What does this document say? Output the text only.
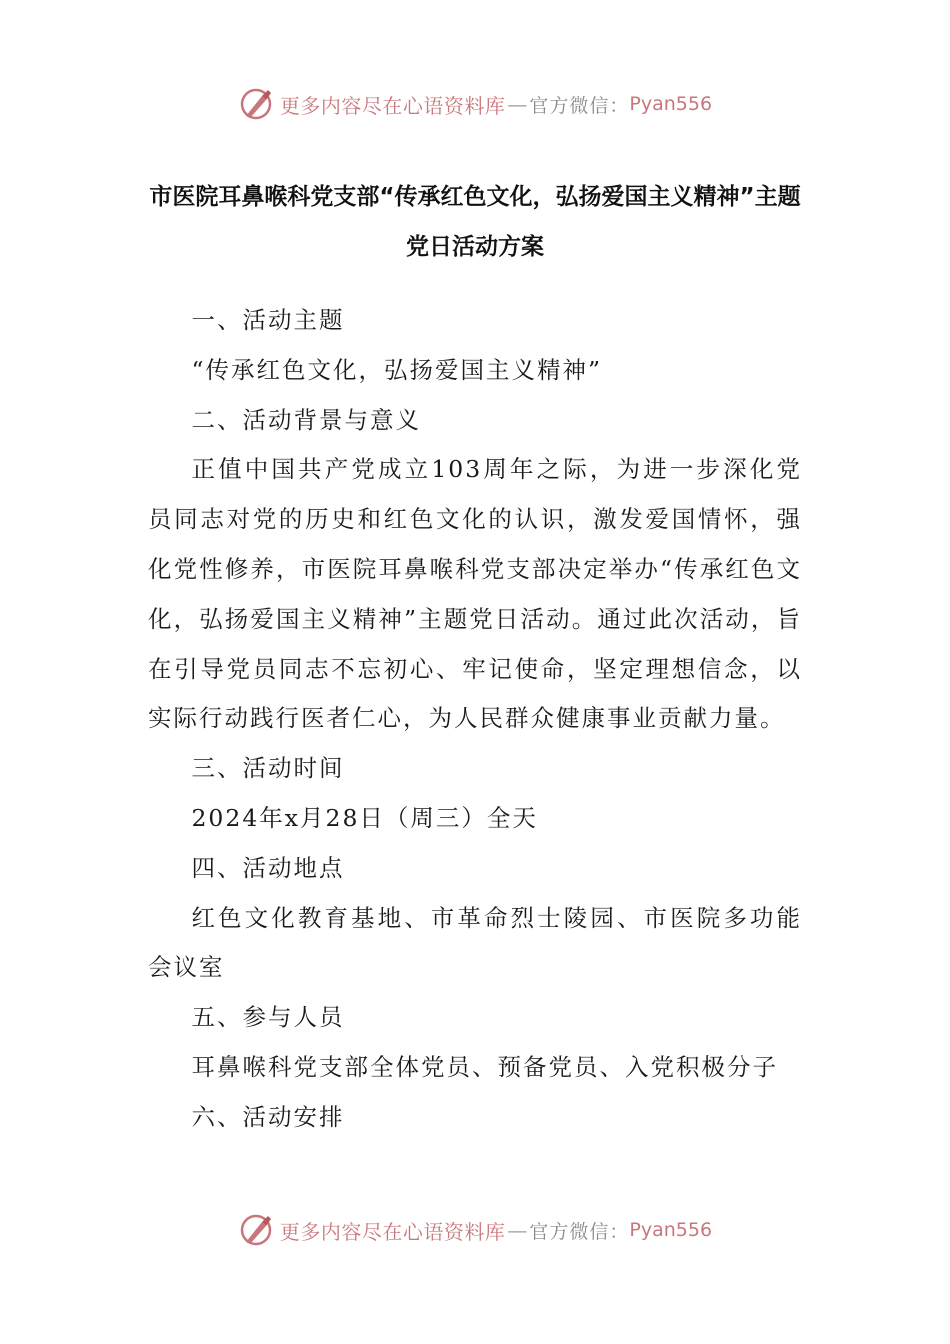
更多内容尽在心语资料库 — 官方微信： Pyan556
市医院耳鼻喉科党支部“传承红色文化，弘扬爱国主义精神”主题党日活动方案

一、活动主题

“传承红色文化，弘扬爱国主义精神”

二、活动背景与意义

正值中国共产党成立103周年之际，为进一步深化党员同志对党的历史和红色文化的认识，激发爱国情怀，强化党性修养，市医院耳鼻喉科党支部决定举办“传承红色文化，弘扬爱国主义精神”主题党日活动。通过此次活动，旨在引导党员同志不忘初心、牢记使命，坚定理想信念，以实际行动践行医者仁心，为人民群众健康事业贡献力量。

三、活动时间

2024年x月28日（周三）全天

四、活动地点

红色文化教育基地、市革命烈士陵园、市医院多功能会议室

五、参与人员

耳鼻喉科党支部全体党员、预备党员、入党积极分子

六、活动安排

更多内容尽在心语资料库 — 官方微信： Pyan556
